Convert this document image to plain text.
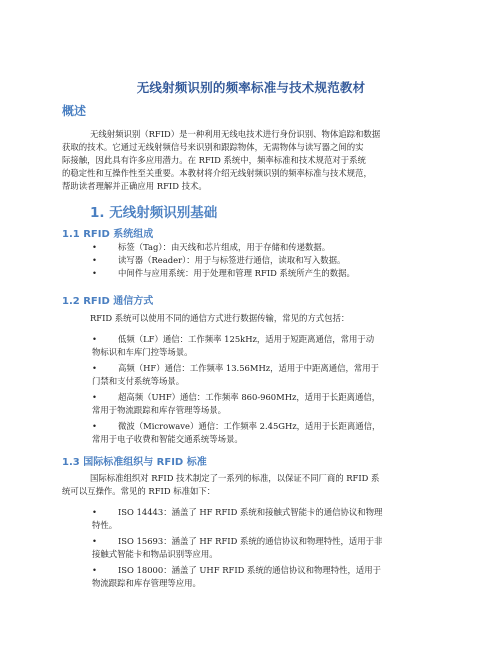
无线射频识别的频率标准与技术规范教材
概述
无线射频识别（RFID）是一种利用无线电技术进行身份识别、物体追踪和数据
获取的技术。它通过无线射频信号来识别和跟踪物体，无需物体与读写器之间的实
际接触，因此具有许多应用潜力。在 RFID 系统中，频率标准和技术规范对于系统
的稳定性和互操作性至关重要。本教材将介绍无线射频识别的频率标准与技术规范，
帮助读者理解并正确应用 RFID 技术。
1. 无线射频识别基础
1.1 RFID 系统组成
•	标签（Tag）：由天线和芯片组成，用于存储和传递数据。
•	读写器（Reader）：用于与标签进行通信，读取和写入数据。
•	中间件与应用系统：用于处理和管理 RFID 系统所产生的数据。
1.2 RFID 通信方式
RFID 系统可以使用不同的通信方式进行数据传输，常见的方式包括：
•	低频（LF）通信：工作频率 125kHz，适用于短距离通信，常用于动
物标识和车库门控等场景。
•	高频（HF）通信：工作频率 13.56MHz，适用于中距离通信，常用于
门禁和支付系统等场景。
•	超高频（UHF）通信：工作频率 860-960MHz，适用于长距离通信，
常用于物流跟踪和库存管理等场景。
•	微波（Microwave）通信：工作频率 2.45GHz，适用于长距离通信，
常用于电子收费和智能交通系统等场景。
1.3 国际标准组织与 RFID 标准
国际标准组织对 RFID 技术制定了一系列的标准，以保证不同厂商的 RFID 系
统可以互操作。常见的 RFID 标准如下：
•	ISO 14443：涵盖了 HF RFID 系统和接触式智能卡的通信协议和物理
特性。
•	ISO 15693：涵盖了 HF RFID 系统的通信协议和物理特性，适用于非
接触式智能卡和物品识别等应用。
•	ISO 18000：涵盖了 UHF RFID 系统的通信协议和物理特性，适用于
物流跟踪和库存管理等应用。
